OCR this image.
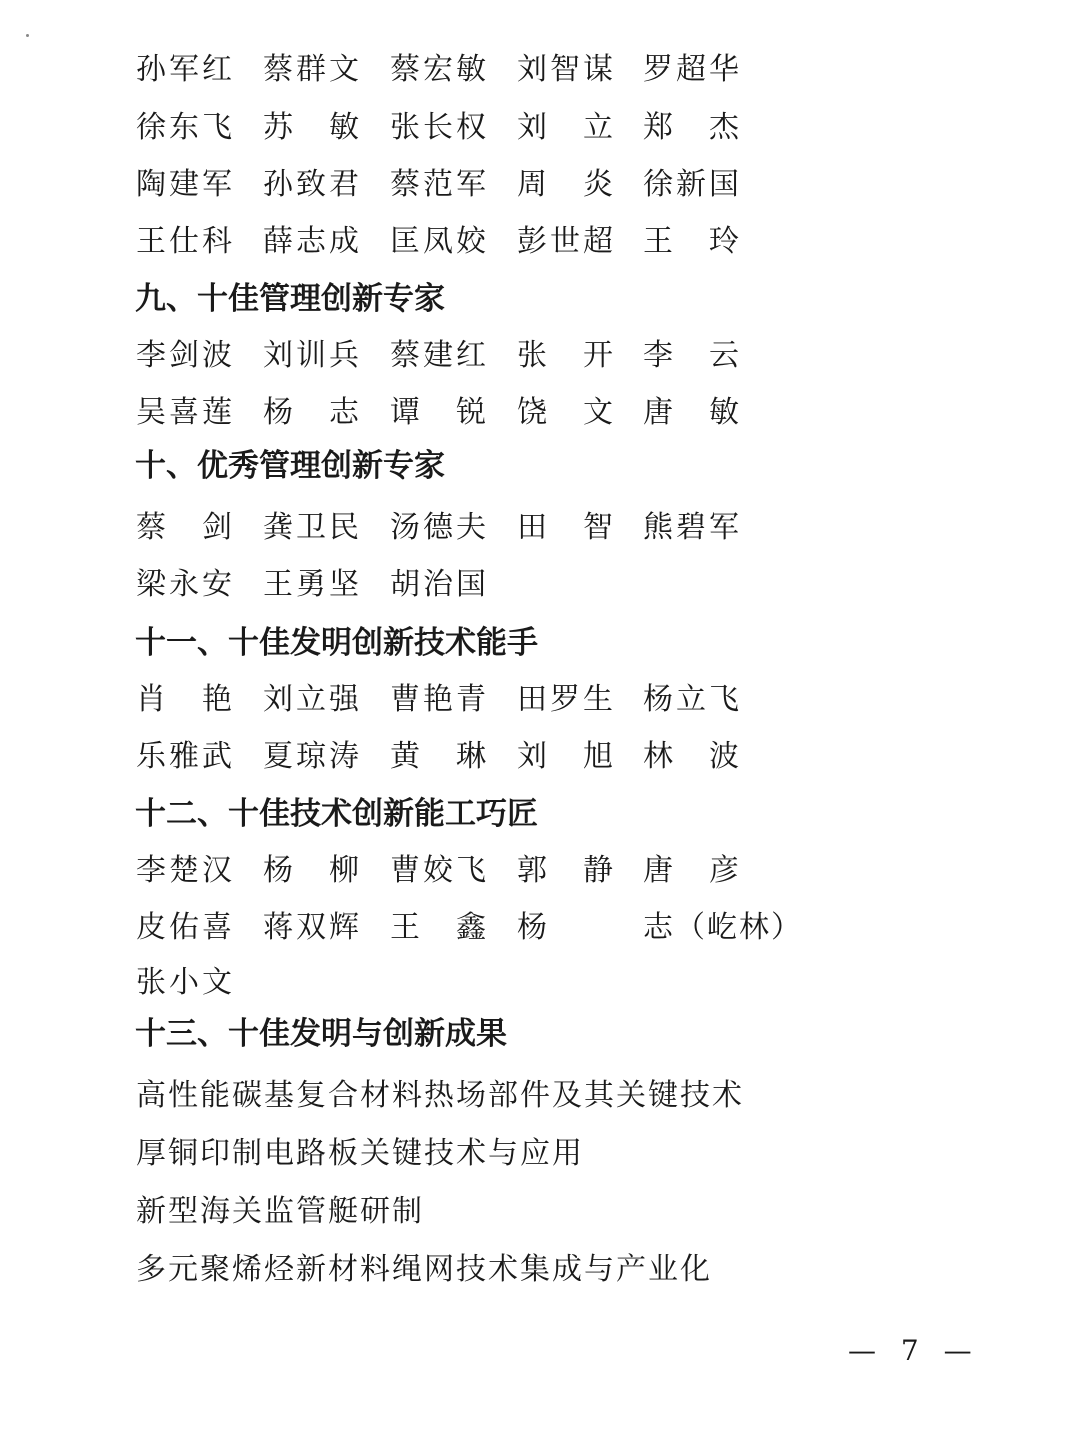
孙军红 蔡群文 蔡宏敏 刘智谋 罗超华
徐东飞 苏 敏 张长权 刘 立 郑 杰
陶建军 孙致君 蔡范军 周 炎 徐新国
王仕科 薛志成 匡凤姣 彭世超 王 玲
九、十佳管理创新专家
李剑波 刘训兵 蔡建红 张 开 李 云
吴喜莲 杨 志 谭 锐 饶 文 唐 敏
十、优秀管理创新专家
蔡 剑 龚卫民 汤德夫 田 智 熊碧军
梁永安 王勇坚 胡治国
十一、十佳发明创新技术能手
肖 艳 刘立强 曹艳青 田罗生 杨立飞
乐雅武 夏琼涛 黄 琳 刘 旭 林 波
十二、十佳技术创新能工巧匠
李楚汉 杨 柳 曹姣飞 郭 静 唐 彦
皮佑喜 蒋双辉 王 鑫 杨	志（屹林）
张小文
十三、十佳发明与创新成果
高性能碳基复合材料热场部件及其关键技术
厚铜印制电路板关键技术与应用
新型海关监管艇研制
多元聚烯烃新材料绳网技术集成与产业化
— 7 —
